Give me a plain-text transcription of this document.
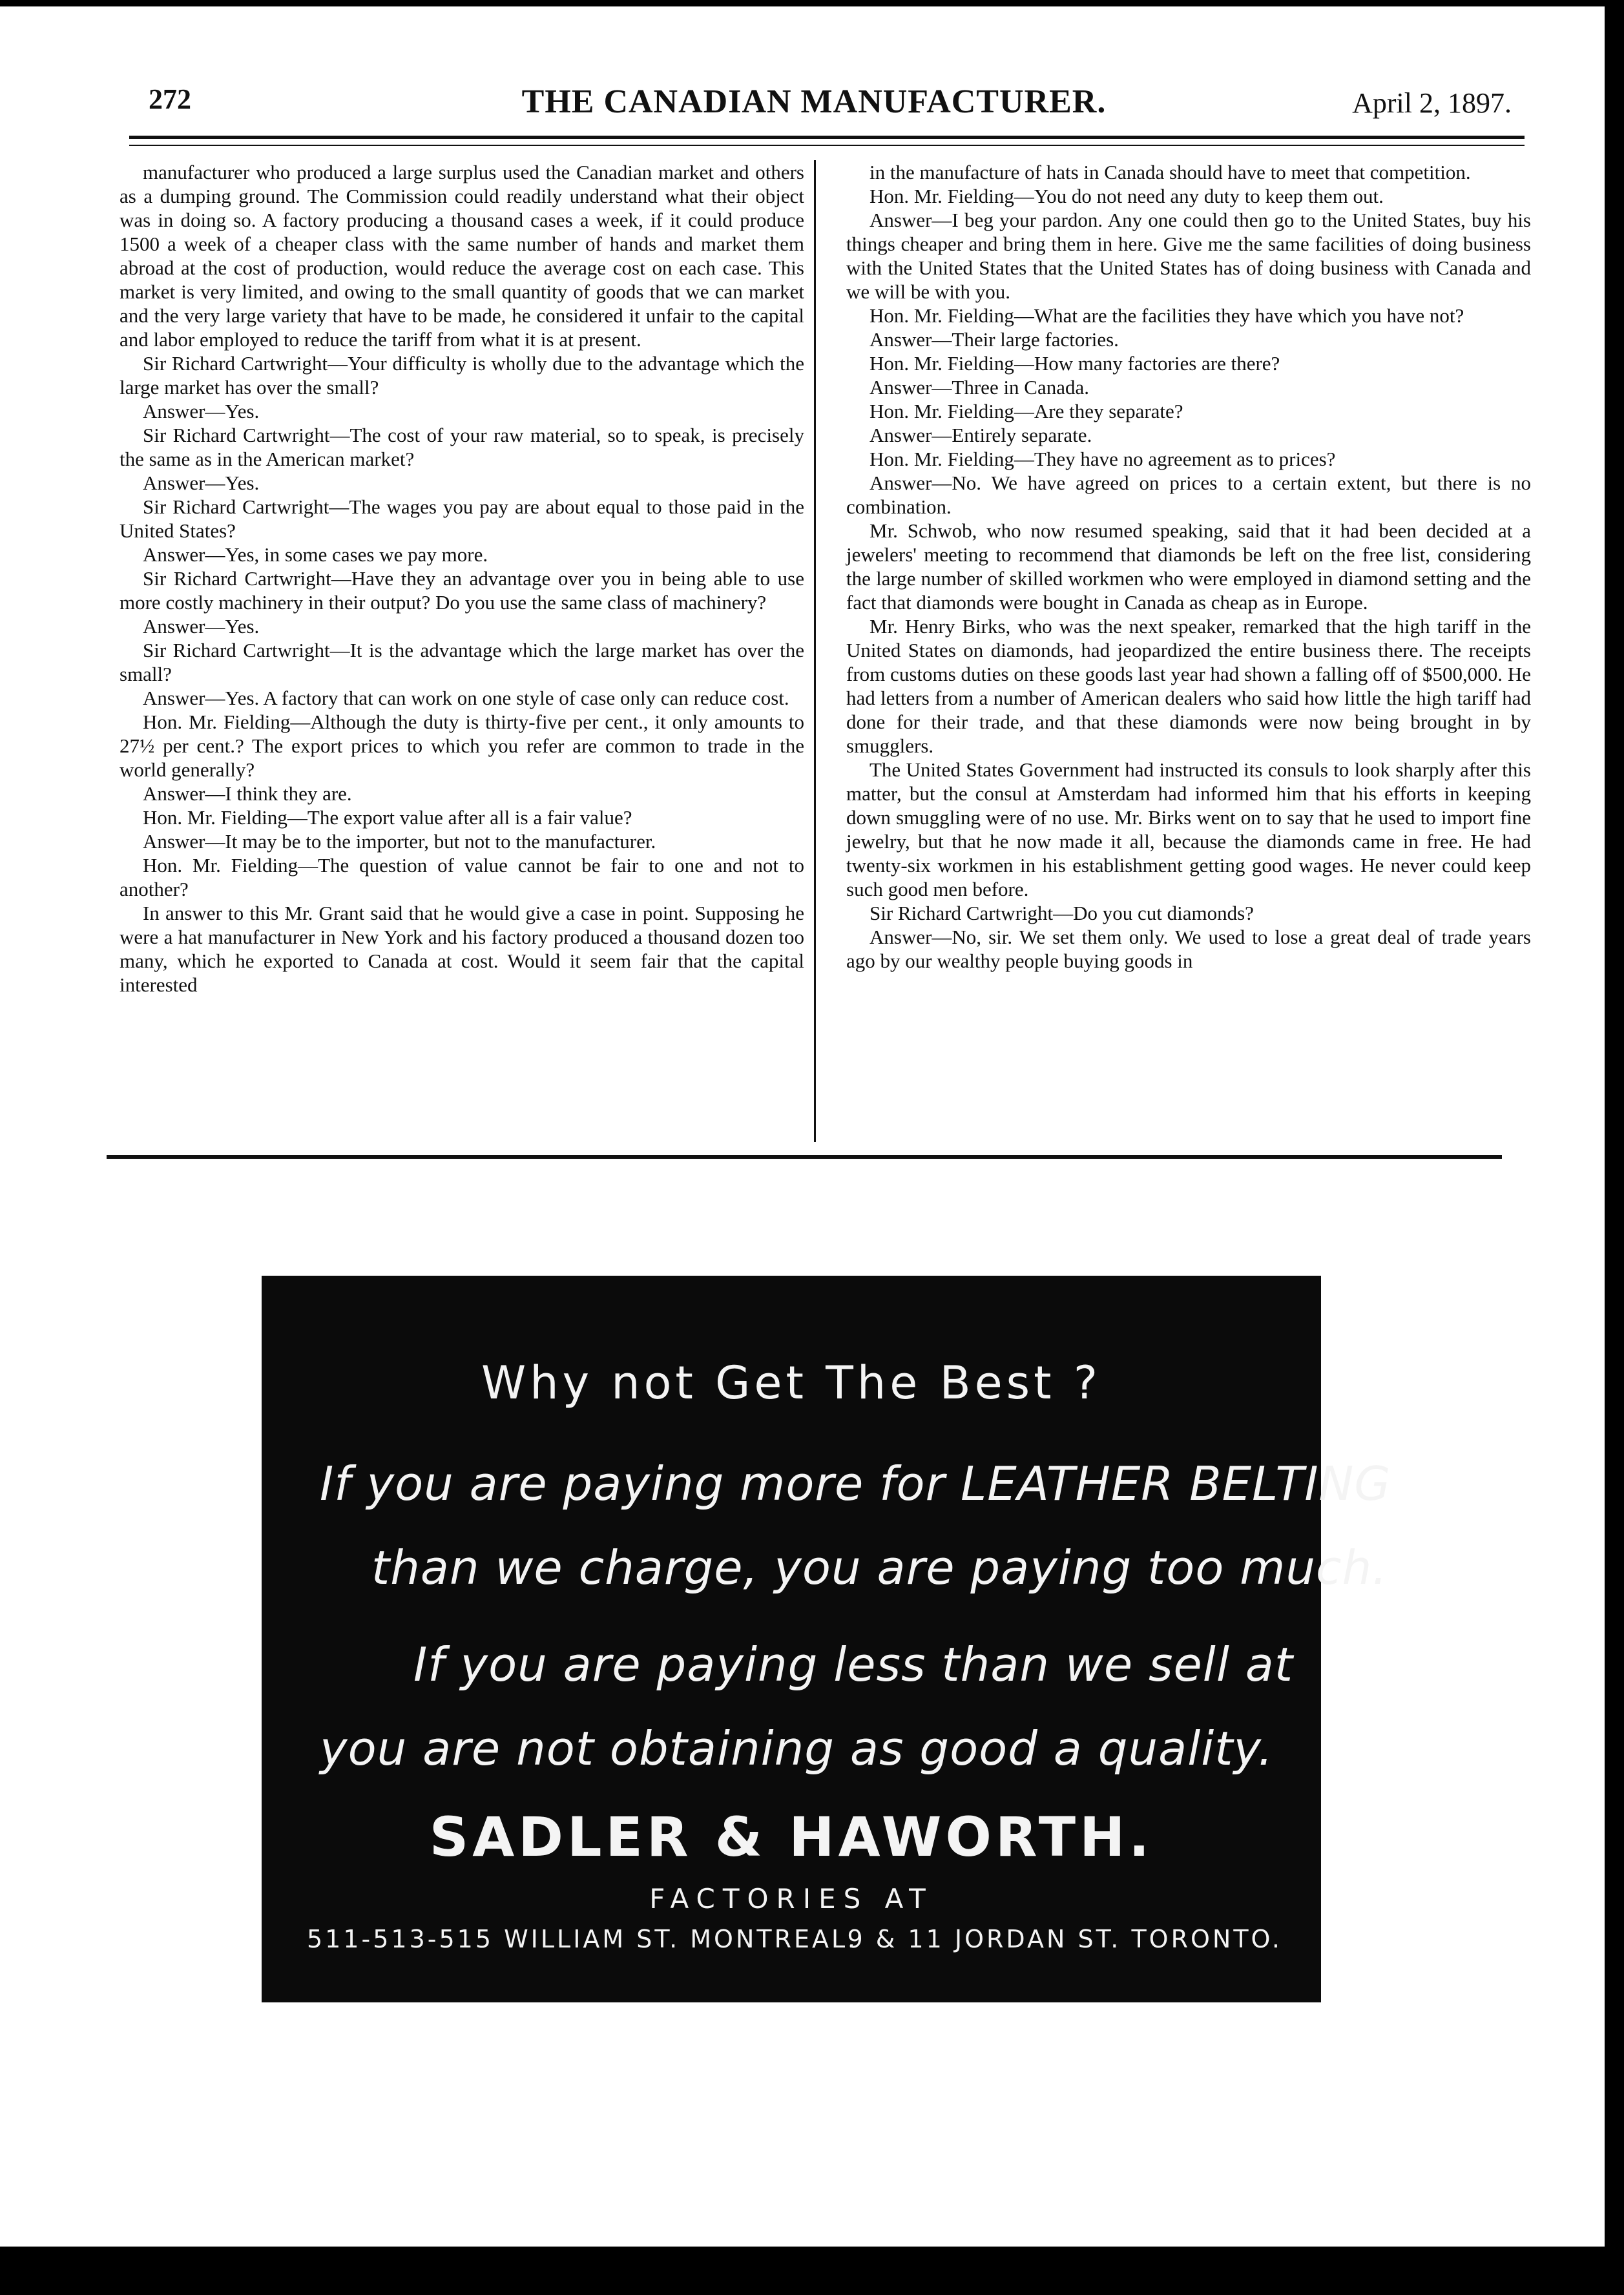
272	THE CANADIAN MANUFACTURER.	April 2, 1897.

manufacturer who produced a large surplus used the Canadian market and others as a dumping ground. The Commission could readily understand what their object was in doing so. A factory producing a thousand cases a week, if it could produce 1500 a week of a cheaper class with the same number of hands and market them abroad at the cost of production, would reduce the average cost on each case. This market is very limited, and owing to the small quantity of goods that we can market and the very large variety that have to be made, he considered it unfair to the capital and labor employed to reduce the tariff from what it is at present.

Sir Richard Cartwright—Your difficulty is wholly due to the advantage which the large market has over the small?

Answer—Yes.

Sir Richard Cartwright—The cost of your raw material, so to speak, is precisely the same as in the American market?

Answer—Yes.

Sir Richard Cartwright—The wages you pay are about equal to those paid in the United States?

Answer—Yes, in some cases we pay more.

Sir Richard Cartwright—Have they an advantage over you in being able to use more costly machinery in their output? Do you use the same class of machinery?

Answer—Yes.

Sir Richard Cartwright—It is the advantage which the large market has over the small?

Answer—Yes. A factory that can work on one style of case only can reduce cost.

Hon. Mr. Fielding—Although the duty is thirty-five per cent., it only amounts to 27½ per cent.? The export prices to which you refer are common to trade in the world generally?

Answer—I think they are.

Hon. Mr. Fielding—The export value after all is a fair value?

Answer—It may be to the importer, but not to the manufacturer.

Hon. Mr. Fielding—The question of value cannot be fair to one and not to another?

In answer to this Mr. Grant said that he would give a case in point. Supposing he were a hat manufacturer in New York and his factory produced a thousand dozen too many, which he exported to Canada at cost. Would it seem fair that the capital interested

in the manufacture of hats in Canada should have to meet that competition.

Hon. Mr. Fielding—You do not need any duty to keep them out.

Answer—I beg your pardon. Any one could then go to the United States, buy his things cheaper and bring them in here. Give me the same facilities of doing business with the United States that the United States has of doing business with Canada and we will be with you.

Hon. Mr. Fielding—What are the facilities they have which you have not?

Answer—Their large factories.

Hon. Mr. Fielding—How many factories are there?

Answer—Three in Canada.

Hon. Mr. Fielding—Are they separate?

Answer—Entirely separate.

Hon. Mr. Fielding—They have no agreement as to prices?

Answer—No. We have agreed on prices to a certain extent, but there is no combination.

Mr. Schwob, who now resumed speaking, said that it had been decided at a jewelers' meeting to recommend that diamonds be left on the free list, considering the large number of skilled workmen who were employed in diamond setting and the fact that diamonds were bought in Canada as cheap as in Europe.

Mr. Henry Birks, who was the next speaker, remarked that the high tariff in the United States on diamonds, had jeopardized the entire business there. The receipts from customs duties on these goods last year had shown a falling off of $500,000. He had letters from a number of American dealers who said how little the high tariff had done for their trade, and that these diamonds were now being brought in by smugglers.

The United States Government had instructed its consuls to look sharply after this matter, but the consul at Amsterdam had informed him that his efforts in keeping down smuggling were of no use. Mr. Birks went on to say that he used to import fine jewelry, but that he now made it all, because the diamonds came in free. He had twenty-six workmen in his establishment getting good wages. He never could keep such good men before.

Sir Richard Cartwright—Do you cut diamonds?

Answer—No, sir. We set them only. We used to lose a great deal of trade years ago by our wealthy people buying goods in

Why not Get The Best ?
If you are paying more for LEATHER BELTING
than we charge, you are paying too much.
If you are paying less than we sell at
you are not obtaining as good a quality.
SADLER & HAWORTH.
FACTORIES AT
511-513-515 WILLIAM ST. MONTREAL.
9 & 11 JORDAN ST. TORONTO.
